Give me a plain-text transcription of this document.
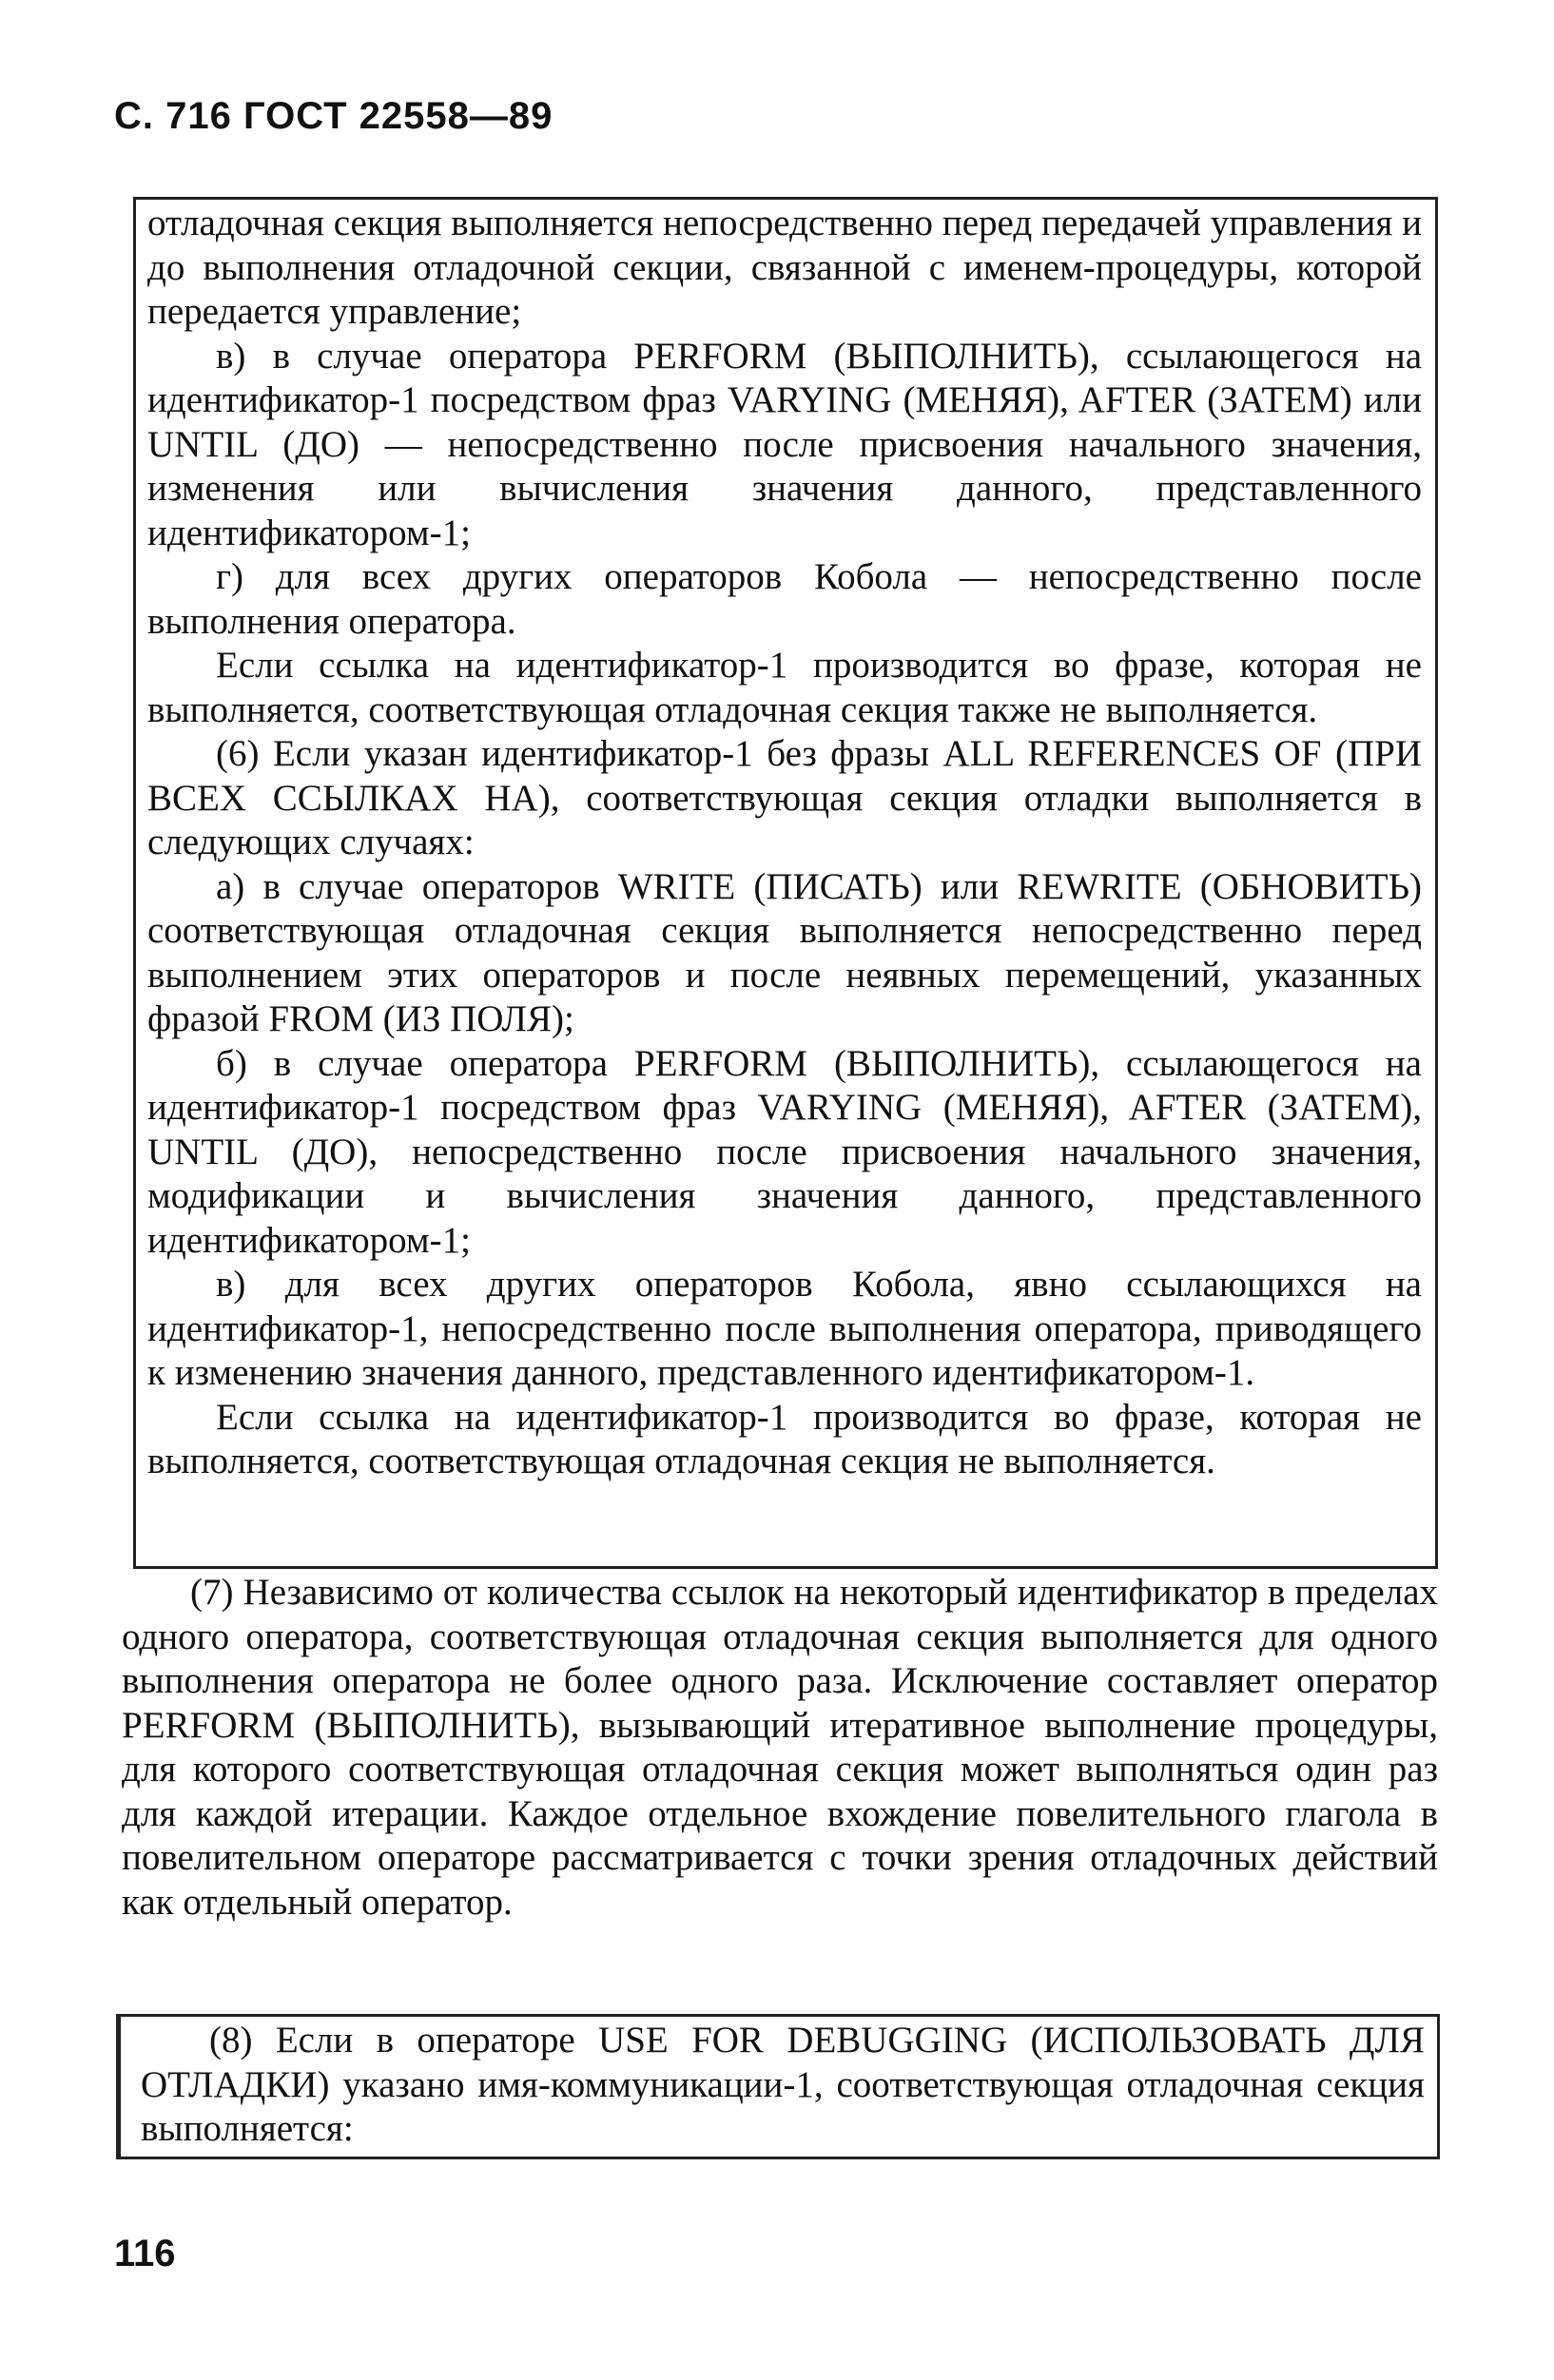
С. 716 ГОСТ 22558—89

отладочная секция выполняется непосредственно перед передачей управления и до выполнения отладочной секции, связанной с именем-процедуры, которой передается управление;

в) в случае оператора PERFORM (ВЫПОЛНИТЬ), ссылающегося на идентификатор-1 посредством фраз VARYING (МЕНЯЯ), AFTER (ЗАТЕМ) или UNTIL (ДО) — непосредственно после присвоения начального значения, изменения или вычисления значения данного, представленного идентификатором-1;

г) для всех других операторов Кобола — непосредственно после выполнения оператора.

Если ссылка на идентификатор-1 производится во фразе, которая не выполняется, соответствующая отладочная секция также не выполняется.

(6) Если указан идентификатор-1 без фразы ALL REFERENCES OF (ПРИ ВСЕХ ССЫЛКАХ НА), соответствующая секция отладки выполняется в следующих случаях:

а) в случае операторов WRITE (ПИСАТЬ) или REWRITE (ОБНОВИТЬ) соответствующая отладочная секция выполняется непосредственно перед выполнением этих операторов и после неявных перемещений, указанных фразой FROM (ИЗ ПОЛЯ);

б) в случае оператора PERFORM (ВЫПОЛНИТЬ), ссылающегося на идентификатор-1 посредством фраз VARYING (МЕНЯЯ), AFTER (ЗАТЕМ), UNTIL (ДО), непосредственно после присвоения начального значения, модификации и вычисления значения данного, представленного идентификатором-1;

в) для всех других операторов Кобола, явно ссылающихся на идентификатор-1, непосредственно после выполнения оператора, приводящего к изменению значения данного, представленного идентификатором-1.

Если ссылка на идентификатор-1 производится во фразе, которая не выполняется, соответствующая отладочная секция не выполняется.

(7) Независимо от количества ссылок на некоторый идентификатор в пределах одного оператора, соответствующая отладочная секция выполняется для одного выполнения оператора не более одного раза. Исключение составляет оператор PERFORM (ВЫПОЛНИТЬ), вызывающий итеративное выполнение процедуры, для которого соответствующая отладочная секция может выполняться один раз для каждой итерации. Каждое отдельное вхождение повелительного глагола в повелительном операторе рассматривается с точки зрения отладочных действий как отдельный оператор.

(8) Если в операторе USE FOR DEBUGGING (ИСПОЛЬЗОВАТЬ ДЛЯ ОТЛАДКИ) указано имя-коммуникации-1, соответствующая отладочная секция выполняется:

116
